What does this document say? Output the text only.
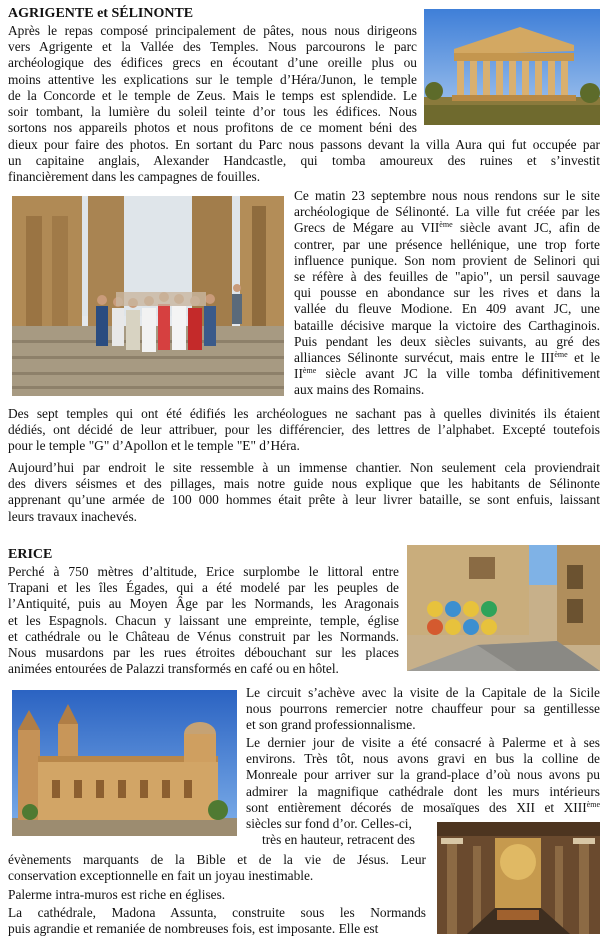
AGRIGENTE et SÉLINONTE
Après le repas composé principalement de pâtes, nous nous dirigeons
vers Agrigente et la Vallée des Temples. Nous parcourons le parc
archéologique des édifices grecs en écoutant d’une oreille plus ou
moins attentive les explications sur le temple d’Héra/Junon, le temple
de la Concorde et le temple de Zeus. Mais le temps est splendide. Le
soir tombant, la lumière du soleil teinte d’or tous les édifices. Nous
sortons nos appareils photos et nous profitons de ce moment béni des
dieux pour faire des photos. En sortant du Parc nous passons devant la villa Aura qui fut occupée par
un capitaine anglais, Alexander Handcastle, qui tomba amoureux des ruines et s’investit
financièrement dans les campagnes de fouilles.
Ce matin 23 septembre nous nous rendons sur le site
archéologique de Sélinonté. La ville fut créée par les
Grecs de Mégare au VIIème siècle avant JC, afin de
contrer, par une présence hellénique, une trop forte
influence punique. Son nom provient de Selinori qui
se réfère à des feuilles de "apio", un persil sauvage
qui pousse en abondance sur les rives et dans la
vallée du fleuve Modione. En 409 avant JC, une
bataille décisive marque la victoire des Carthaginois.
Puis pendant les deux siècles suivants, au gré des
alliances Sélinonte survécut, mais entre le IIIème et le
IIème siècle avant JC la ville tomba définitivement
aux mains des Romains.
Des sept temples qui ont été édifiés les archéologues ne sachant pas à quelles divinités ils étaient
dédiés, ont décidé de leur attribuer, pour les différencier, des lettres de l’alphabet. Excepté toutefois
pour le temple "G" d’Apollon et le temple "E" d’Héra.
Aujourd’hui par endroit le site ressemble à un immense chantier. Non seulement cela proviendrait
des divers séismes et des pillages, mais notre guide nous explique que les habitants de Sélinonte
apprenant qu’une armée de 100 000 hommes était prête à leur livrer bataille, se sont enfuis, laissant
leurs travaux inachevés.
ERICE
Perché à 750 mètres d’altitude, Erice surplombe le littoral entre
Trapani et les îles Égades, qui a été modelé par les peuples de
l’Antiquité, puis au Moyen Âge par les Normands, les Aragonais
et les Espagnols. Chacun y laissant une empreinte, temple, église
et cathédrale ou le Château de Vénus construit par les Normands.
Nous musardons par les rues étroites débouchant sur les places
animées entourées de Palazzi transformés en café ou en hôtel.
Le circuit s’achève avec la visite de la Capitale de la Sicile
nous pourrons remercier notre chauffeur pour sa gentillesse
et son grand professionnalisme.
Le dernier jour de visite a été consacré à Palerme et à ses
environs. Très tôt, nous avons gravi en bus la colline de
Monreale pour arriver sur la grand-place d’où nous avons pu
admirer la magnifique cathédrale dont les murs intérieurs
sont entièrement décorés de mosaïques des XII et XIIIème
siècles sur fond d’or. Celles-ci,
très en hauteur, retracent des
évènements marquants de la Bible et de la vie de Jésus. Leur
conservation exceptionnelle en fait un joyau inestimable.
Palerme intra-muros est riche en églises.
La cathédrale, Madona Assunta, construite sous les Normands
puis agrandie et remaniée de nombreuses fois, est imposante. Elle est
